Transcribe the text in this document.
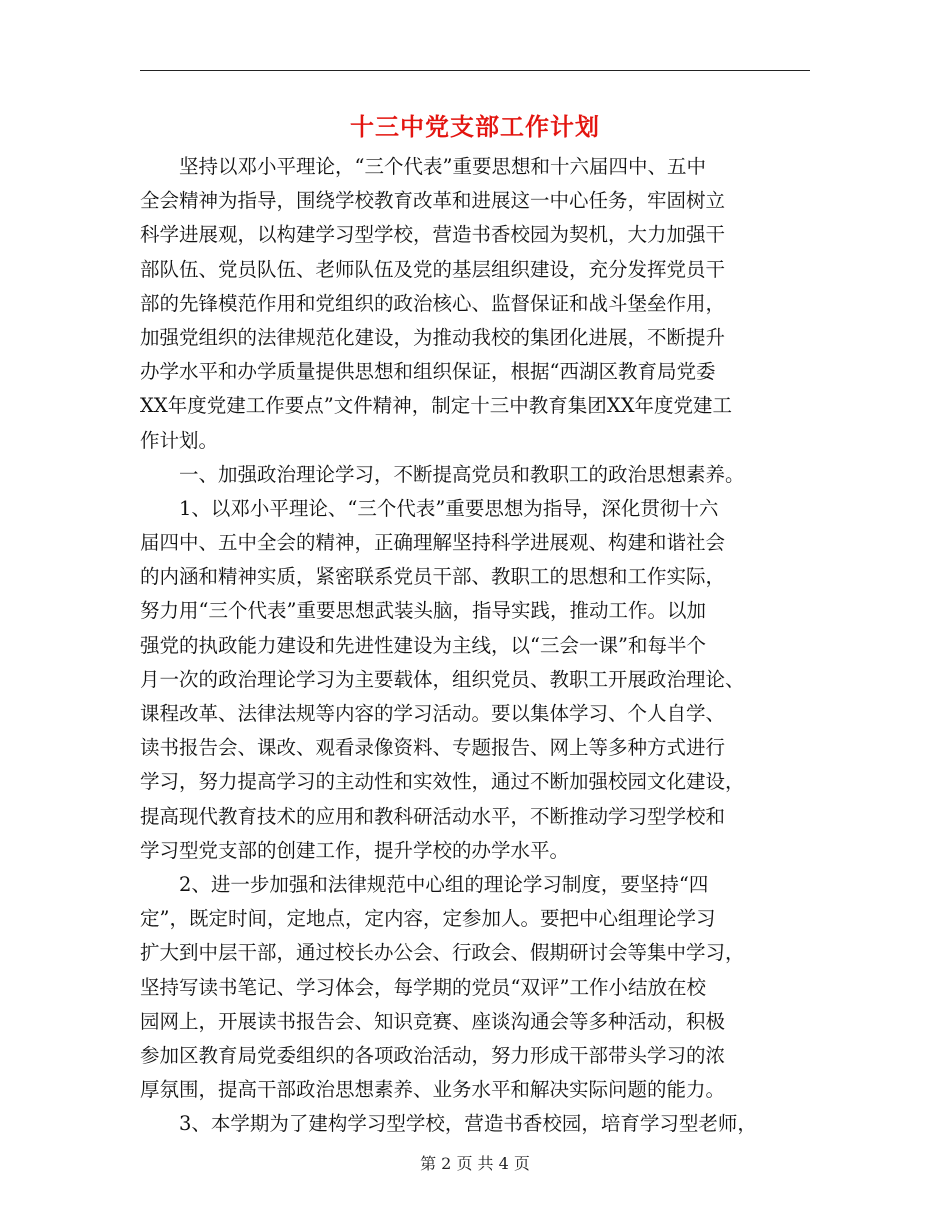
十三中党支部工作计划
坚持以邓小平理论，“三个代表”重要思想和十六届四中、五中
全会精神为指导，围绕学校教育改革和进展这一中心任务，牢固树立
科学进展观，以构建学习型学校，营造书香校园为契机，大力加强干
部队伍、党员队伍、老师队伍及党的基层组织建设，充分发挥党员干
部的先锋模范作用和党组织的政治核心、监督保证和战斗堡垒作用，
加强党组织的法律规范化建设，为推动我校的集团化进展，不断提升
办学水平和办学质量提供思想和组织保证，根据“西湖区教育局党委
XX年度党建工作要点”文件精神，制定十三中教育集团XX年度党建工
作计划。
一、加强政治理论学习，不断提高党员和教职工的政治思想素养。
1、以邓小平理论、“三个代表”重要思想为指导，深化贯彻十六
届四中、五中全会的精神，正确理解坚持科学进展观、构建和谐社会
的内涵和精神实质，紧密联系党员干部、教职工的思想和工作实际，
努力用“三个代表”重要思想武装头脑，指导实践，推动工作。以加
强党的执政能力建设和先进性建设为主线，以“三会一课”和每半个
月一次的政治理论学习为主要载体，组织党员、教职工开展政治理论、
课程改革、法律法规等内容的学习活动。要以集体学习、个人自学、
读书报告会、课改、观看录像资料、专题报告、网上等多种方式进行
学习，努力提高学习的主动性和实效性，通过不断加强校园文化建设，
提高现代教育技术的应用和教科研活动水平，不断推动学习型学校和
学习型党支部的创建工作，提升学校的办学水平。
2、进一步加强和法律规范中心组的理论学习制度，要坚持“四
定”，既定时间，定地点，定内容，定参加人。要把中心组理论学习
扩大到中层干部，通过校长办公会、行政会、假期研讨会等集中学习，
坚持写读书笔记、学习体会，每学期的党员“双评”工作小结放在校
园网上，开展读书报告会、知识竞赛、座谈沟通会等多种活动，积极
参加区教育局党委组织的各项政治活动，努力形成干部带头学习的浓
厚氛围，提高干部政治思想素养、业务水平和解决实际问题的能力。
3、本学期为了建构学习型学校，营造书香校园，培育学习型老师，
第 2 页 共 4 页
